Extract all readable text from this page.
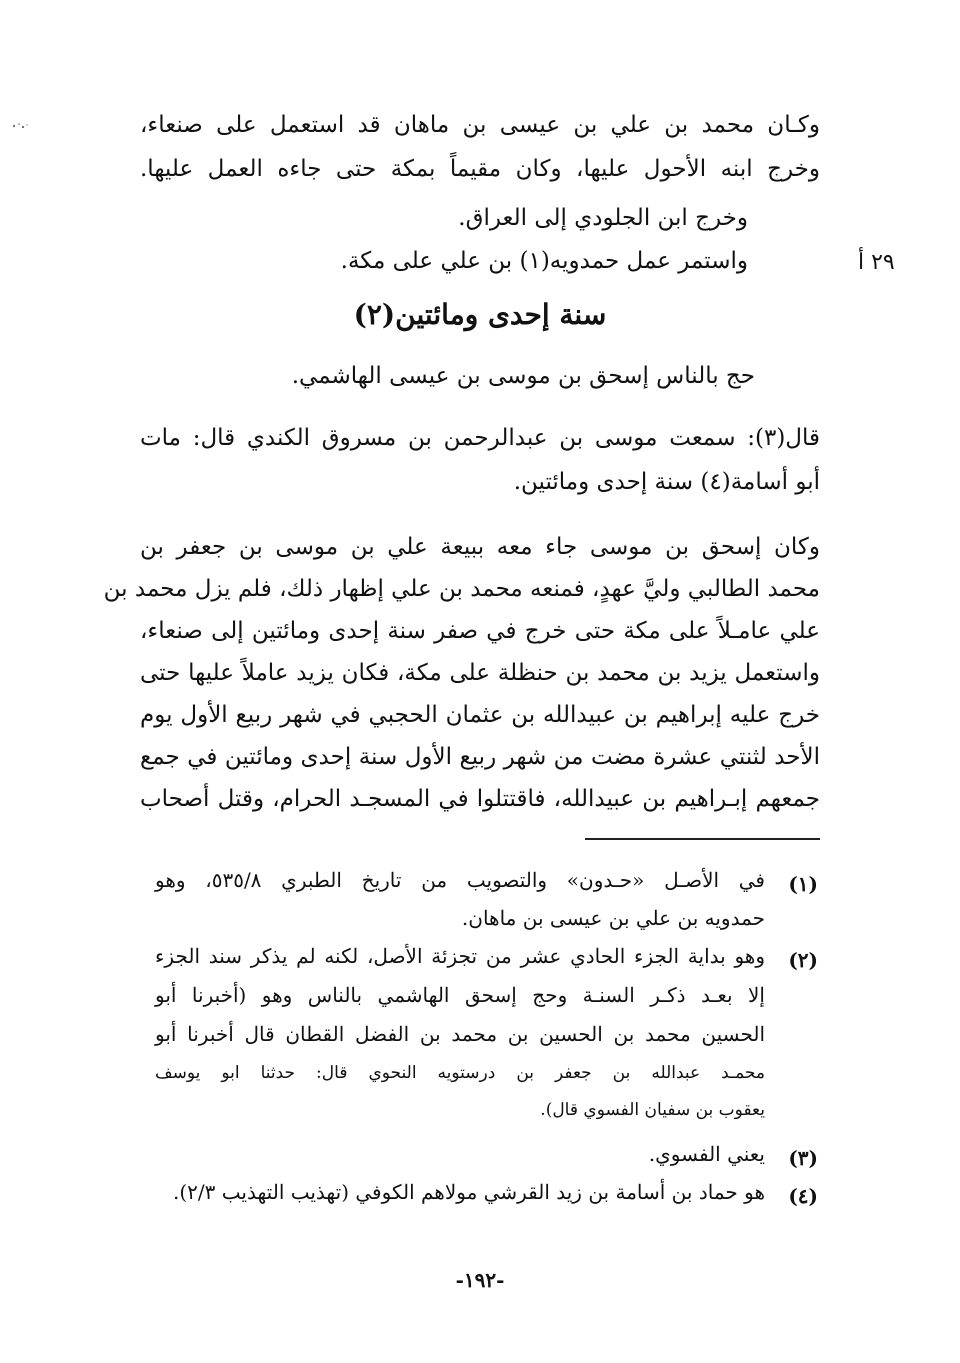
٢٩ أ

وكـان محمد بن علي بن عيسى بن ماهان قد استعمل على صنعاء،

وخرج ابنه الأحول عليها، وكان مقيماً بمكة حتى جاءه العمل عليها.

وخرج ابن الجلودي إلى العراق.

واستمر عمل حمدويه(١) بن علي على مكة.

سنة إحدى ومائتين(٢)

حج بالناس إسحق بن موسى بن عيسى الهاشمي.

قال(٣): سمعت موسى بن عبدالرحمن بن مسروق الكندي قال: مات

أبو أسامة(٤) سنة إحدى ومائتين.

وكان إسحق بن موسى جاء معه ببيعة علي بن موسى بن جعفر بن

محمد الطالبي وليَّ عهدٍ، فمنعه محمد بن علي إظهار ذلك، فلم يزل محمد بن

علي عامـلاً على مكة حتى خرج في صفر سنة إحدى ومائتين إلى صنعاء،

واستعمل يزيد بن محمد بن حنظلة على مكة، فكان يزيد عاملاً عليها حتى

خرج عليه إبراهيم بن عبيدالله بن عثمان الحجبي في شهر ربيع الأول يوم

الأحد لثنتي عشرة مضت من شهر ربيع الأول سنة إحدى ومائتين في جمع

جمعهم إبـراهيم بن عبيدالله، فاقتتلوا في المسجـد الحرام، وقتل أصحاب

(١)

في الأصـل «حـدون» والتصويب من تاريخ الطبري ٥٣٥/٨، وهو

حمدويه بن علي بن عيسى بن ماهان.

(٢)

وهو بداية الجزء الحادي عشر من تجزئة الأصل، لكنه لم يذكر سند الجزء

إلا بعـد ذكـر السنـة وحج إسحق الهاشمي بالناس وهو (أخبرنا أبو

الحسين محمد بن الحسين بن محمد بن الفضل القطان قال أخبرنا أبو

محمـد عبدالله بن جعفر بن درستويه النحوي قال: حدثنا ابو يوسف

يعقوب بن سفيان الفسوي قال).

(٣)

يعني الفسوي.

(٤)

هو حماد بن أسامة بن زيد القرشي مولاهم الكوفي (تهذيب التهذيب ٢/٣).

-١٩٢-
